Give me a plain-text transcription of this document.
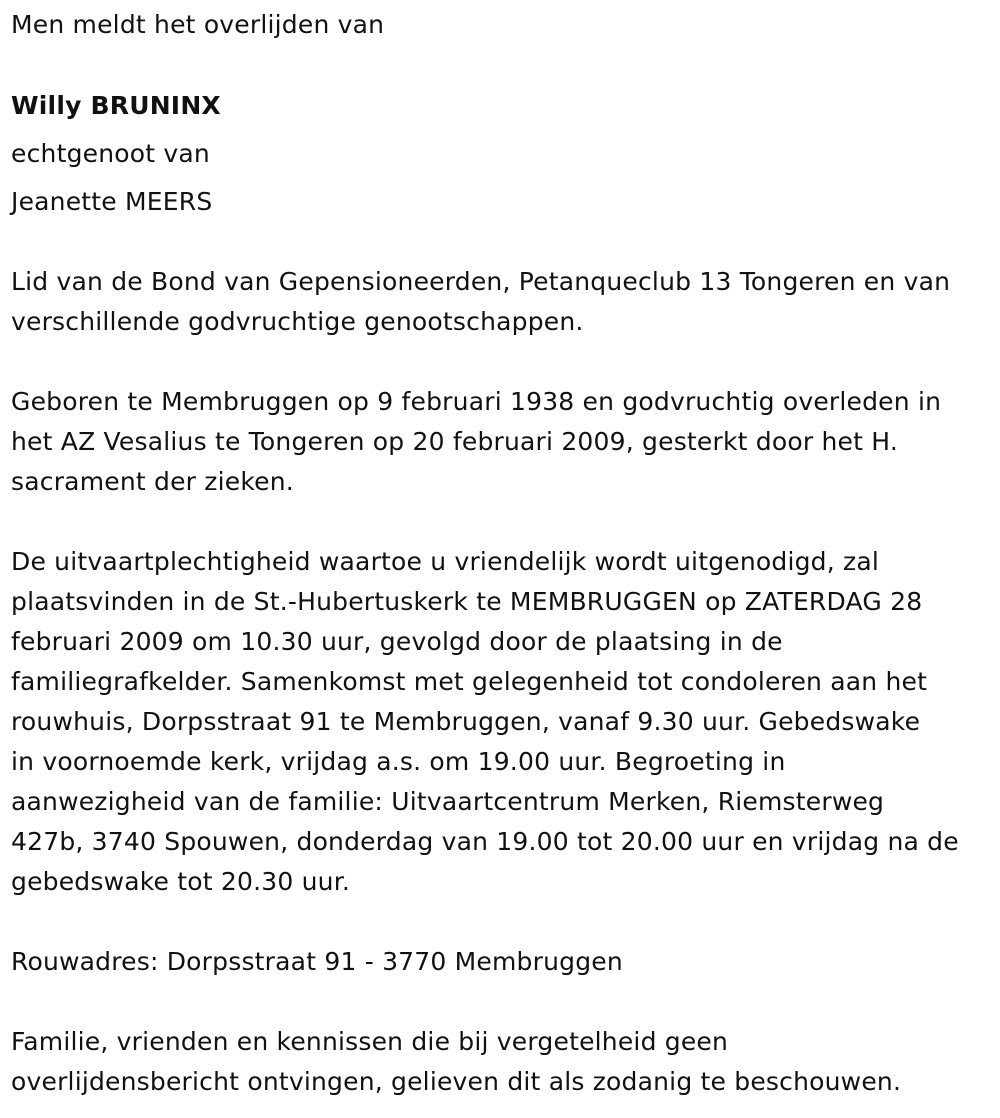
Men meldt het overlijden van

Willy BRUNINX

echtgenoot van

Jeanette MEERS

Lid van de Bond van Gepensioneerden, Petanqueclub 13 Tongeren en van

verschillende godvruchtige genootschappen.

Geboren te Membruggen op 9 februari 1938 en godvruchtig overleden in

het AZ Vesalius te Tongeren op 20 februari 2009, gesterkt door het H.

sacrament der zieken.

De uitvaartplechtigheid waartoe u vriendelijk wordt uitgenodigd, zal

plaatsvinden in de St.-Hubertuskerk te MEMBRUGGEN op ZATERDAG 28

februari 2009 om 10.30 uur, gevolgd door de plaatsing in de

familiegrafkelder. Samenkomst met gelegenheid tot condoleren aan het

rouwhuis, Dorpsstraat 91 te Membruggen, vanaf 9.30 uur. Gebedswake

in voornoemde kerk, vrijdag a.s. om 19.00 uur. Begroeting in

aanwezigheid van de familie: Uitvaartcentrum Merken, Riemsterweg

427b, 3740 Spouwen, donderdag van 19.00 tot 20.00 uur en vrijdag na de

gebedswake tot 20.30 uur.

Rouwadres: Dorpsstraat 91 - 3770 Membruggen

Familie, vrienden en kennissen die bij vergetelheid geen

overlijdensbericht ontvingen, gelieven dit als zodanig te beschouwen.
